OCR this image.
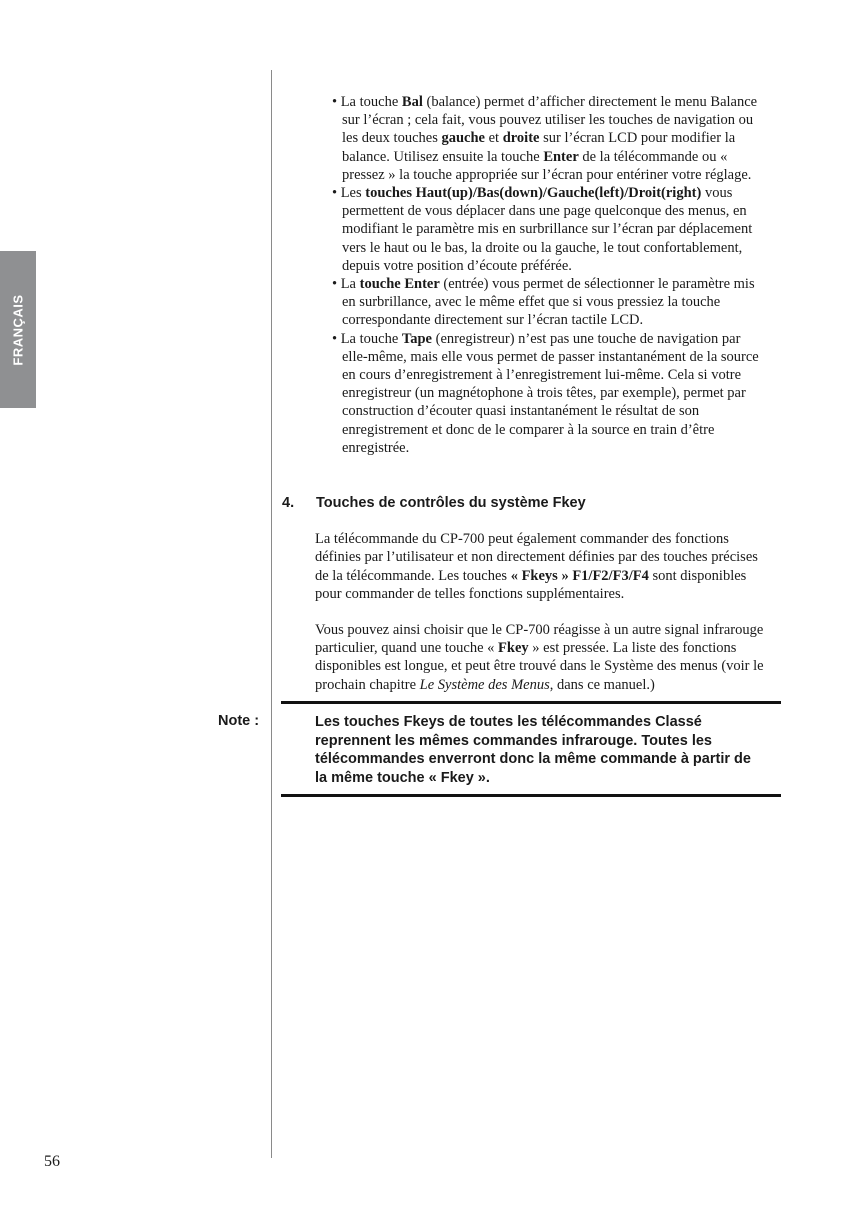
FRANÇAIS

• La touche Bal (balance) permet d’afficher directement le menu Balance sur l’écran ; cela fait, vous pouvez utiliser les touches de navigation ou les deux touches gauche et droite sur l’écran LCD pour modifier la balance. Utilisez ensuite la touche Enter de la télécommande ou « pressez » la touche appropriée sur l’écran pour entériner votre réglage.

• Les touches Haut(up)/Bas(down)/Gauche(left)/Droit(right) vous permettent de vous déplacer dans une page quelconque des menus, en modifiant le paramètre mis en surbrillance sur l’écran par déplacement vers le haut ou le bas, la droite ou la gauche, le tout confortablement, depuis votre position d’écoute préférée.

• La touche Enter (entrée) vous permet de sélectionner le paramètre mis en surbrillance, avec le même effet que si vous pressiez la touche correspondante directement sur l’écran tactile LCD.

• La touche Tape (enregistreur) n’est pas une touche de navigation par elle-même, mais elle vous permet de passer instantanément de la source en cours d’enregistrement à l’enregistrement lui-même. Cela si votre enregistreur (un magnétophone à trois têtes, par exemple), permet par construction d’écouter quasi instantanément le résultat de son enregistrement et donc de le comparer à la source en train d’être enregistrée.

4. Touches de contrôles du système Fkey

La télécommande du CP-700 peut également commander des fonctions définies par l’utilisateur et non directement définies par des touches précises de la télécommande. Les touches « Fkeys » F1/F2/F3/F4 sont disponibles pour commander de telles fonctions supplémentaires.

Vous pouvez ainsi choisir que le CP-700 réagisse à un autre signal infrarouge particulier, quand une touche « Fkey » est pressée. La liste des fonctions disponibles est longue, et peut être trouvé dans le Système des menus (voir le prochain chapitre Le Système des Menus, dans ce manuel.)

Note :	Les touches Fkeys de toutes les télécommandes Classé reprennent les mêmes commandes infrarouge. Toutes les télécommandes enverront donc la même commande à partir de la même touche « Fkey ».
56
